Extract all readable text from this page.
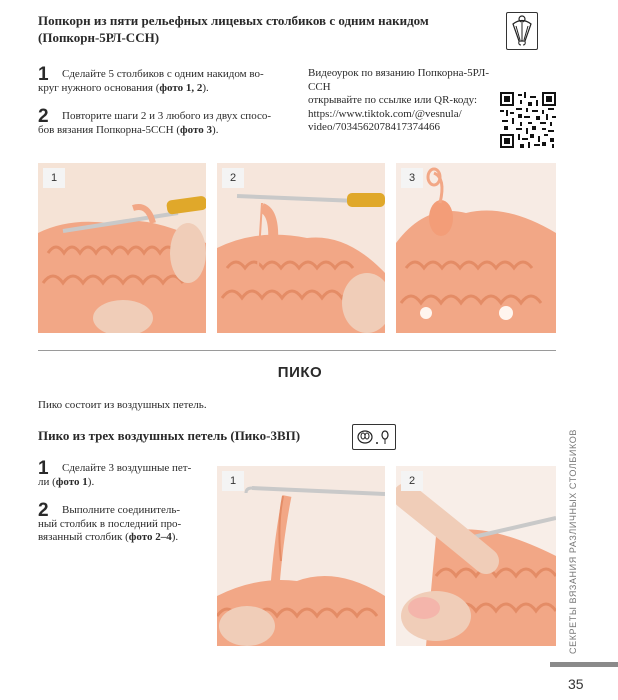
Попкорн из пяти рельефных лицевых столбиков с одним накидом
(Попкорн-5РЛ-ССН)
1	Сделайте 5 столбиков с одним накидом во-
круг нужного основания (фото 1, 2).
2	Повторите шаги 2 и 3 любого из двух спосо-
бов вязания Попкорна-5ССН (фото 3).
Видеоурок по вязанию Попкорна-5РЛ-ССН
открывайте по ссылке или QR-коду:
https://www.tiktok.com/@vesnula/
video/7034562078417374466
1	2	3
ПИКО
Пико состоит из воздушных петель.
Пико из трех воздушных петель (Пико-3ВП)
1	Сделайте 3 воздушные пет-
ли (фото 1).
2	Выполните соединитель-
ный столбик в последний про-
вязанный столбик (фото 2–4).
1	2	СЕКРЕТЫ ВЯЗАНИЯ РАЗЛИЧНЫХ СТОЛБИКОВ
35
